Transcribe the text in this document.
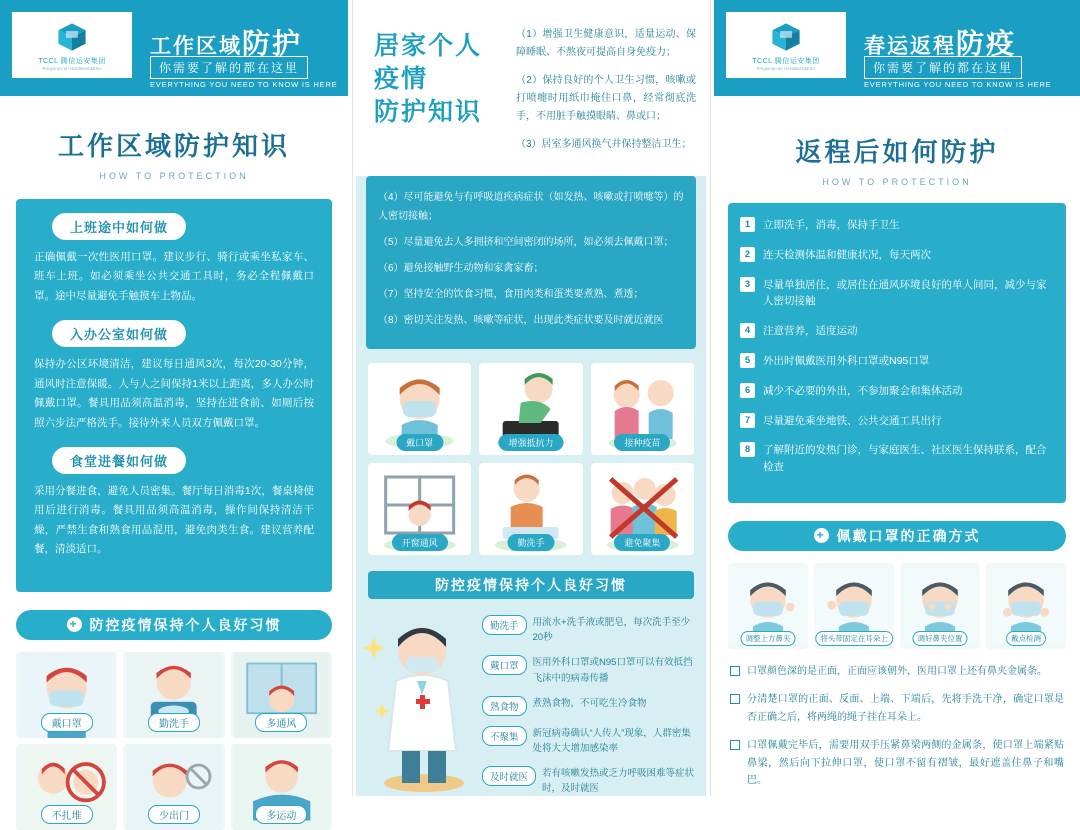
TCCL 腾信运安集团
Tengxinyu'an Hardware&Elec
工作区域防护
你需要了解的都在这里
EVERYTHING YOU NEED TO KNOW IS HERE
工作区域防护知识
HOW TO PROTECTION
上班途中如何做
正确佩戴一次性医用口罩。建议步行、骑行或乘坐私家车、班车上班。如必须乘坐公共交通工具时，务必全程佩戴口罩。途中尽量避免手触摸车上物品。
入办公室如何做
保持办公区环境清洁，建议每日通风3次，每次20-30分钟，通风时注意保暖。人与人之间保持1米以上距离，多人办公时佩戴口罩。餐具用品须高温消毒，坚持在进食前、如厕后按照六步法严格洗手。接待外来人员双方佩戴口罩。
食堂进餐如何做
采用分餐进食，避免人员密集。餐厅每日消毒1次，餐桌椅使用后进行消毒。餐具用品须高温消毒，操作间保持清洁干燥，严禁生食和熟食用品混用，避免肉类生食。建议营养配餐，清淡适口。
+ 防控疫情保持个人良好习惯
戴口罩	勤洗手	多通风
不扎堆	少出门	多运动
居家个人
疫情
防护知识

（1）增强卫生健康意识，适量运动、保障睡眠、不熬夜可提高自身免疫力；

（2）保持良好的个人卫生习惯，咳嗽或打喷嚏时用纸巾掩住口鼻，经常彻底洗手，不用脏手触摸眼睛、鼻或口；

（3）居室多通风换气并保持整洁卫生；

（4）尽可能避免与有呼吸道疾病症状（如发热、咳嗽或打喷嚏等）的人密切接触；

（5）尽量避免去人多拥挤和空间密闭的场所，如必须去佩戴口罩；

（6）避免接触野生动物和家禽家畜；

（7）坚持安全的饮食习惯，食用肉类和蛋类要煮熟、煮透；

（8）密切关注发热、咳嗽等症状，出现此类症状要及时就近就医

戴口罩	增强抵抗力	接种疫苗
开窗通风	勤洗手	避免聚集
防控疫情保持个人良好习惯
勤洗手	用流水+洗手液或肥皂，每次洗手至少20秒
戴口罩	医用外科口罩或N95口罩可以有效抵挡飞沫中的病毒传播
熟食物	煮熟食物，不可吃生冷食物
不聚集	新冠病毒确认“人传人”现象，人群密集处将大大增加感染率
及时就医	若有咳嗽发热或乏力呼吸困难等症状时，及时就医
TCCL 腾信运安集团
Tengxinyu'an Hardware&Elec
春运返程防疫
你需要了解的都在这里
EVERYTHING YOU NEED TO KNOW IS HERE
返程后如何防护
HOW TO PROTECTION
1	立即洗手，消毒，保持手卫生
2	连天检测体温和健康状况，每天两次
3	尽量单独居住，或居住在通风环境良好的单人间同，减少与家人密切接触
4	注意营养，适度运动
5	外出时佩戴医用外科口罩或N95口罩
6	减少不必要的外出，不参加聚会和集体活动
7	尽量避免乘坐地铁、公共交通工具出行
8	了解附近的发热门诊，与家庭医生、社区医生保持联系，配合检查
+ 佩戴口罩的正确方式
调整上方鼻夹	将头带固定在耳朵上	调好鼻夹位置	戴点检测
口罩颜色深的是正面，正面应该朝外，医用口罩上还有鼻夹金属条。
分清楚口罩的正面、反面、上端、下端后，先将手洗干净，确定口罩是否正确之后，将两绳的绳子挂在耳朵上。
口罩佩戴完毕后，需要用双手压紧鼻梁两侧的金属条，使口罩上端紧贴鼻梁，然后向下拉伸口罩，使口罩不留有褶皱，最好遮盖住鼻子和嘴巴。
